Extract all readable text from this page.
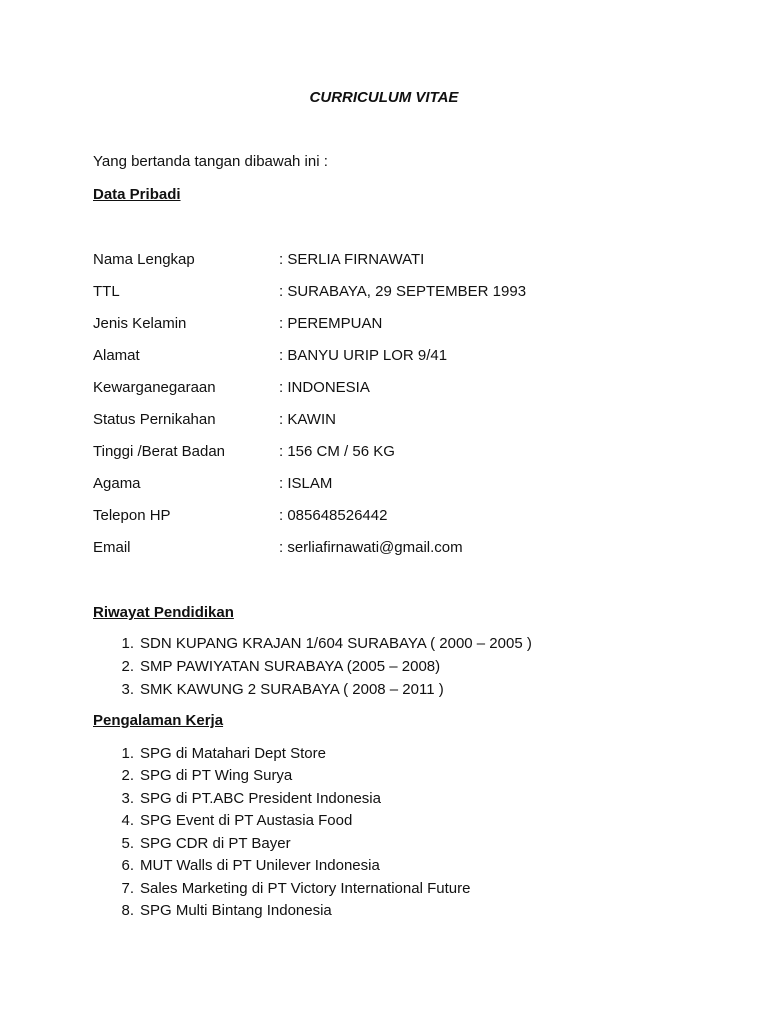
CURRICULUM VITAE
Yang bertanda tangan dibawah ini :
Data Pribadi
Nama Lengkap	: SERLIA FIRNAWATI
TTL	: SURABAYA, 29 SEPTEMBER 1993
Jenis Kelamin	: PEREMPUAN
Alamat	: BANYU URIP LOR 9/41
Kewarganegaraan	: INDONESIA
Status Pernikahan	: KAWIN
Tinggi /Berat Badan	: 156 CM / 56 KG
Agama	: ISLAM
Telepon HP	: 085648526442
Email	: serliafirnawati@gmail.com
Riwayat Pendidikan
1. SDN KUPANG KRAJAN 1/604 SURABAYA ( 2000 – 2005 )
2. SMP PAWIYATAN SURABAYA (2005 – 2008)
3. SMK KAWUNG 2 SURABAYA ( 2008 – 2011 )
Pengalaman Kerja
1. SPG di Matahari Dept Store
2. SPG di PT Wing Surya
3. SPG di PT.ABC President Indonesia
4. SPG Event di PT Austasia Food
5. SPG CDR di PT Bayer
6. MUT Walls di PT Unilever Indonesia
7. Sales Marketing di PT Victory International Future
8. SPG Multi Bintang Indonesia
